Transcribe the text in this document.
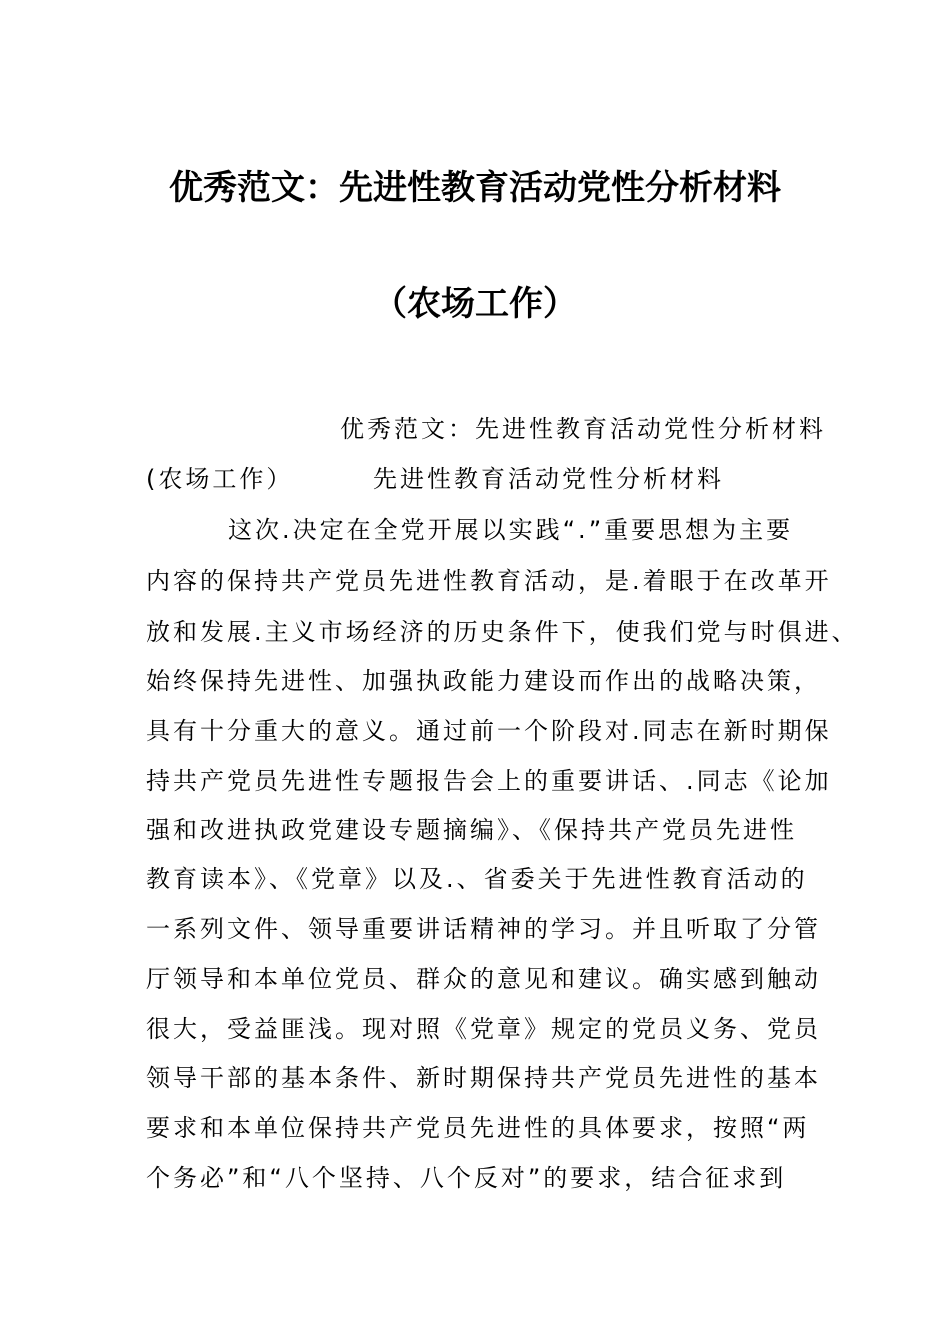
优秀范文：先进性教育活动党性分析材料
（农场工作）
优秀范文：先进性教育活动党性分析材料
(农场工作）　　　 先进性教育活动党性分析材料
这次.决定在全党开展以实践“.”重要思想为主要
内容的保持共产党员先进性教育活动，是.着眼于在改革开
放和发展.主义市场经济的历史条件下，使我们党与时俱进、
始终保持先进性、加强执政能力建设而作出的战略决策，
具有十分重大的意义。通过前一个阶段对.同志在新时期保
持共产党员先进性专题报告会上的重要讲话、.同志《论加
强和改进执政党建设专题摘编》、《保持共产党员先进性
教育读本》、《党章》以及.、省委关于先进性教育活动的
一系列文件、领导重要讲话精神的学习。并且听取了分管
厅领导和本单位党员、群众的意见和建议。确实感到触动
很大，受益匪浅。现对照《党章》规定的党员义务、党员
领导干部的基本条件、新时期保持共产党员先进性的基本
要求和本单位保持共产党员先进性的具体要求，按照“两
个务必”和“八个坚持、八个反对”的要求，结合征求到
